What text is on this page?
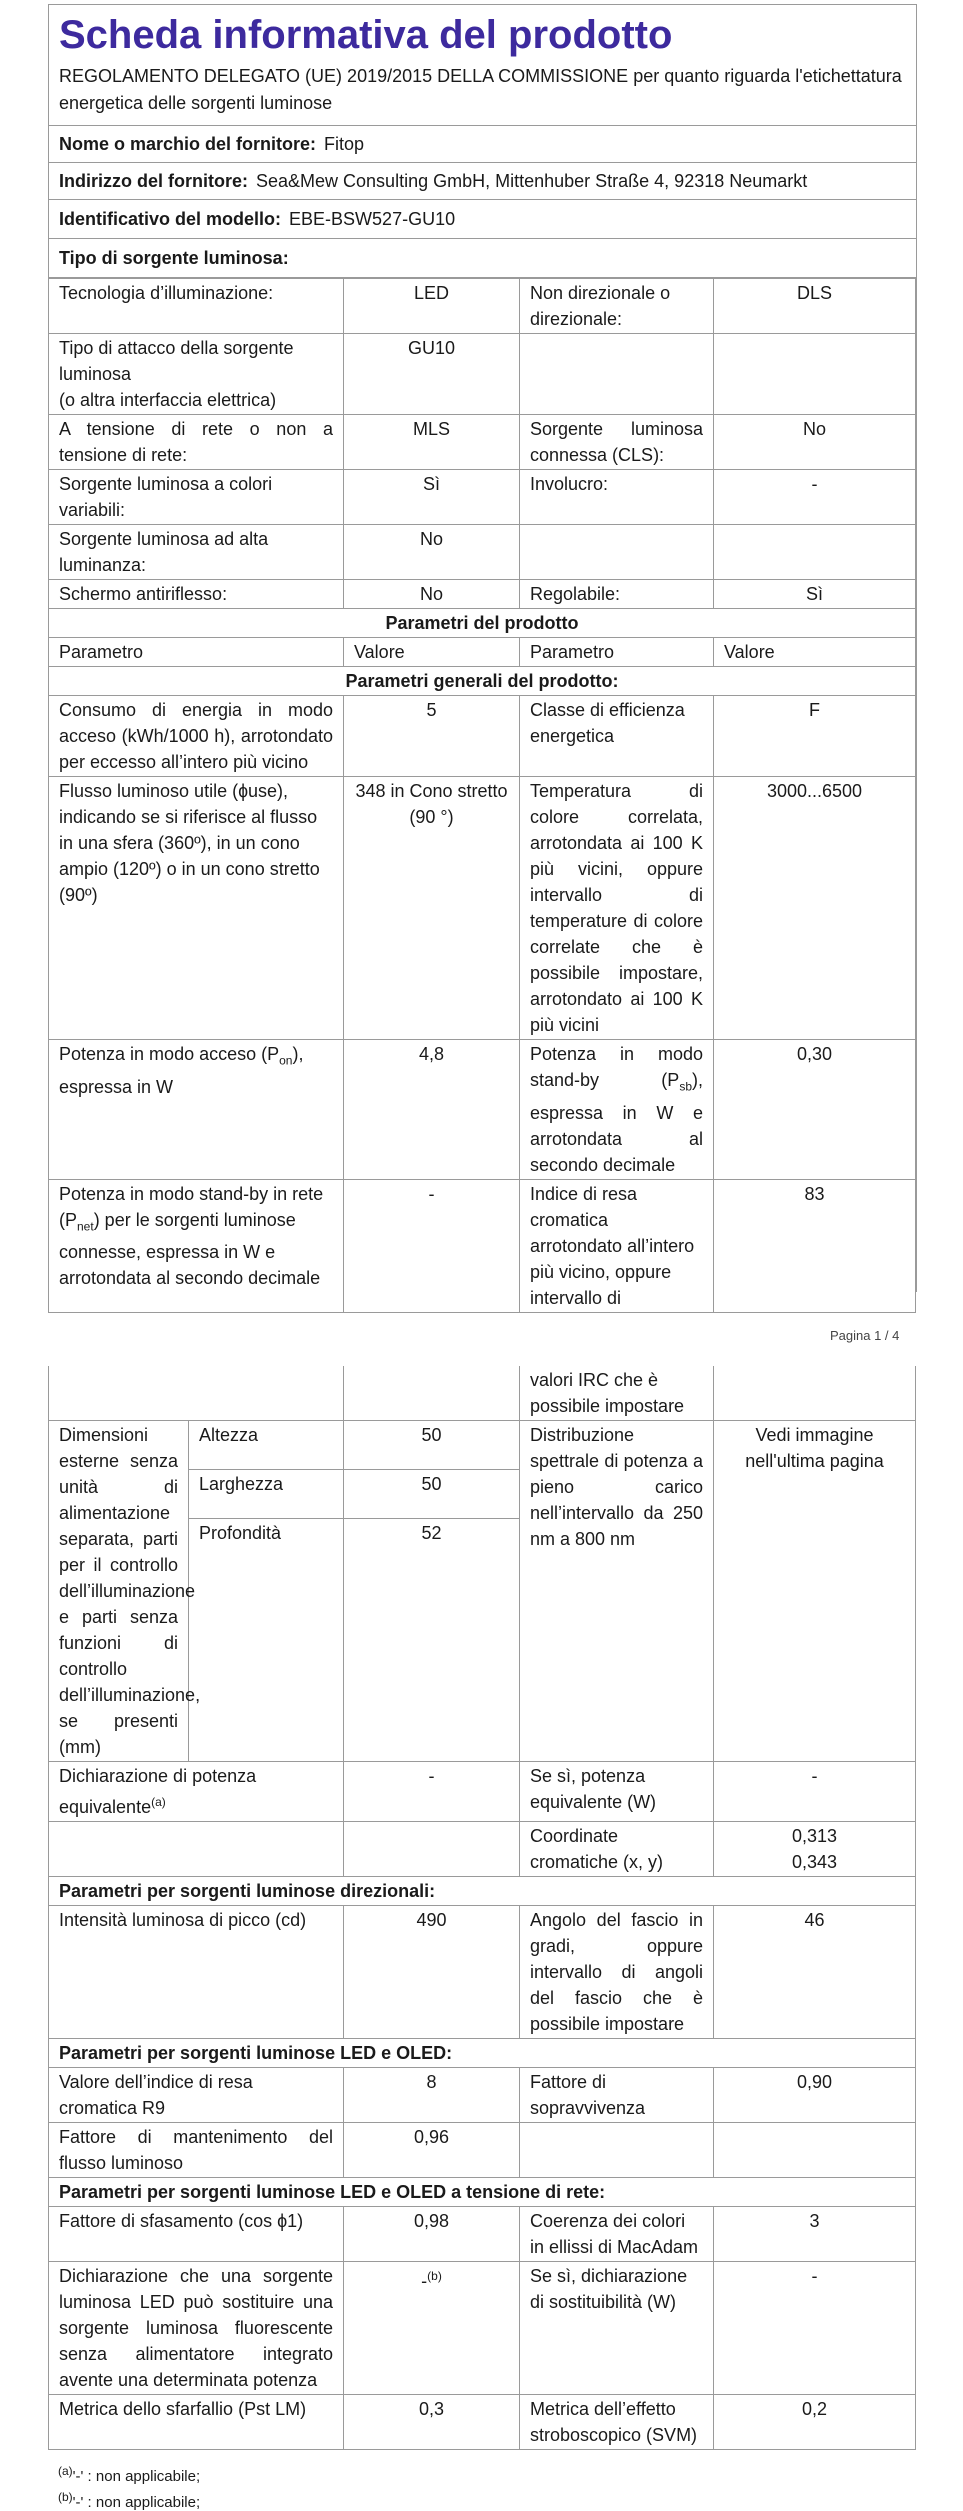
Scheda informativa del prodotto
REGOLAMENTO DELEGATO (UE) 2019/2015 DELLA COMMISSIONE per quanto riguarda l'etichettatura energetica delle sorgenti luminose
Nome o marchio del fornitore: Fitop
Indirizzo del fornitore: Sea&Mew Consulting GmbH, Mittenhuber Straße 4, 92318 Neumarkt
Identificativo del modello: EBE-BSW527-GU10
Tipo di sorgente luminosa:
Tecnologia d’illuminazione:	LED	Non direzionale o direzionale:	DLS

Tipo di attacco della sorgente luminosa
(o altra interfaccia elettrica)	GU10		
A tensione di rete o non a tensione di rete:	MLS	Sorgente luminosa connessa (CLS):	No
Sorgente luminosa a colori variabili:	Sì	Involucro:	-
Sorgente luminosa ad alta luminanza:	No		
Schermo antiriflesso:	No	Regolabile:	Sì
Parametri del prodotto			
Parametro	Valore	Parametro	Valore
Parametri generali del prodotto:			
Consumo di energia in modo acceso (kWh/1000 h), arrotondato per eccesso all’intero più vicino	5	Classe di efficienza energetica	F
Flusso luminoso utile (ɸuse), indicando se si riferisce al flusso in una sfera (360º), in un cono ampio (120º) o in un cono stretto (90º)	348 in Cono stretto (90 °)	Temperatura di colore correlata, arrotondata ai 100 K più vicini, oppure intervallo di temperature di colore correlate che è possibile impostare, arrotondato ai 100 K più vicini	3000...6500
Potenza in modo acceso $(P_{on})$, espressa in W	4,8	Potenza in modo stand-by $(P_{sb})$, espressa in W e arrotondata al secondo decimale	0,30
Potenza in modo stand-by in rete $(P_{net})$ per le sorgenti luminose connesse, espressa in W e arrotondata al secondo decimale	-	Indice di resa cromatica arrotondato all’intero più vicino, oppure intervallo di	83
Pagina 1 / 4
			valori IRC che è possibile impostare	
Dimensioni esterne senza unità di alimentazione separata, parti per il controllo dell’illuminazione e parti senza funzioni di controllo dell’illuminazione, se presenti (mm)	Altezza	50	Distribuzione spettrale di potenza a pieno carico nell’intervallo da 250 nm a 800 nm	Vedi immagine nell'ultima pagina
	Larghezza	50		
	Profondità	52		
Dichiarazione di potenza equivalente$^{(a)}$		-	Se sì, potenza equivalente (W)	-
			Coordinate cromatiche (x, y)	0,313
0,343

Parametri per sorgenti luminose direzionali:				
Intensità luminosa di picco (cd)		490	Angolo del fascio in gradi, oppure intervallo di angoli del fascio che è possibile impostare	46
Parametri per sorgenti luminose LED e OLED:				
Valore dell’indice di resa cromatica R9		8	Fattore di sopravvivenza	0,90
Fattore di mantenimento del flusso luminoso		0,96		
Parametri per sorgenti luminose LED e OLED a tensione di rete:				
Fattore di sfasamento (cos ϕ1)		0,98	Coerenza dei colori in ellissi di MacAdam	3
Dichiarazione che una sorgente luminosa LED può sostituire una sorgente luminosa fluorescente senza alimentatore integrato avente una determinata potenza		-$^{(b)}$	Se sì, dichiarazione di sostituibilità (W)	-
Metrica dello sfarfallio (Pst LM)		0,3	Metrica dell’effetto stroboscopico (SVM)	0,2
$^{(a)}$'-' : non applicabile;
$^{(b)}$'-' : non applicabile;
